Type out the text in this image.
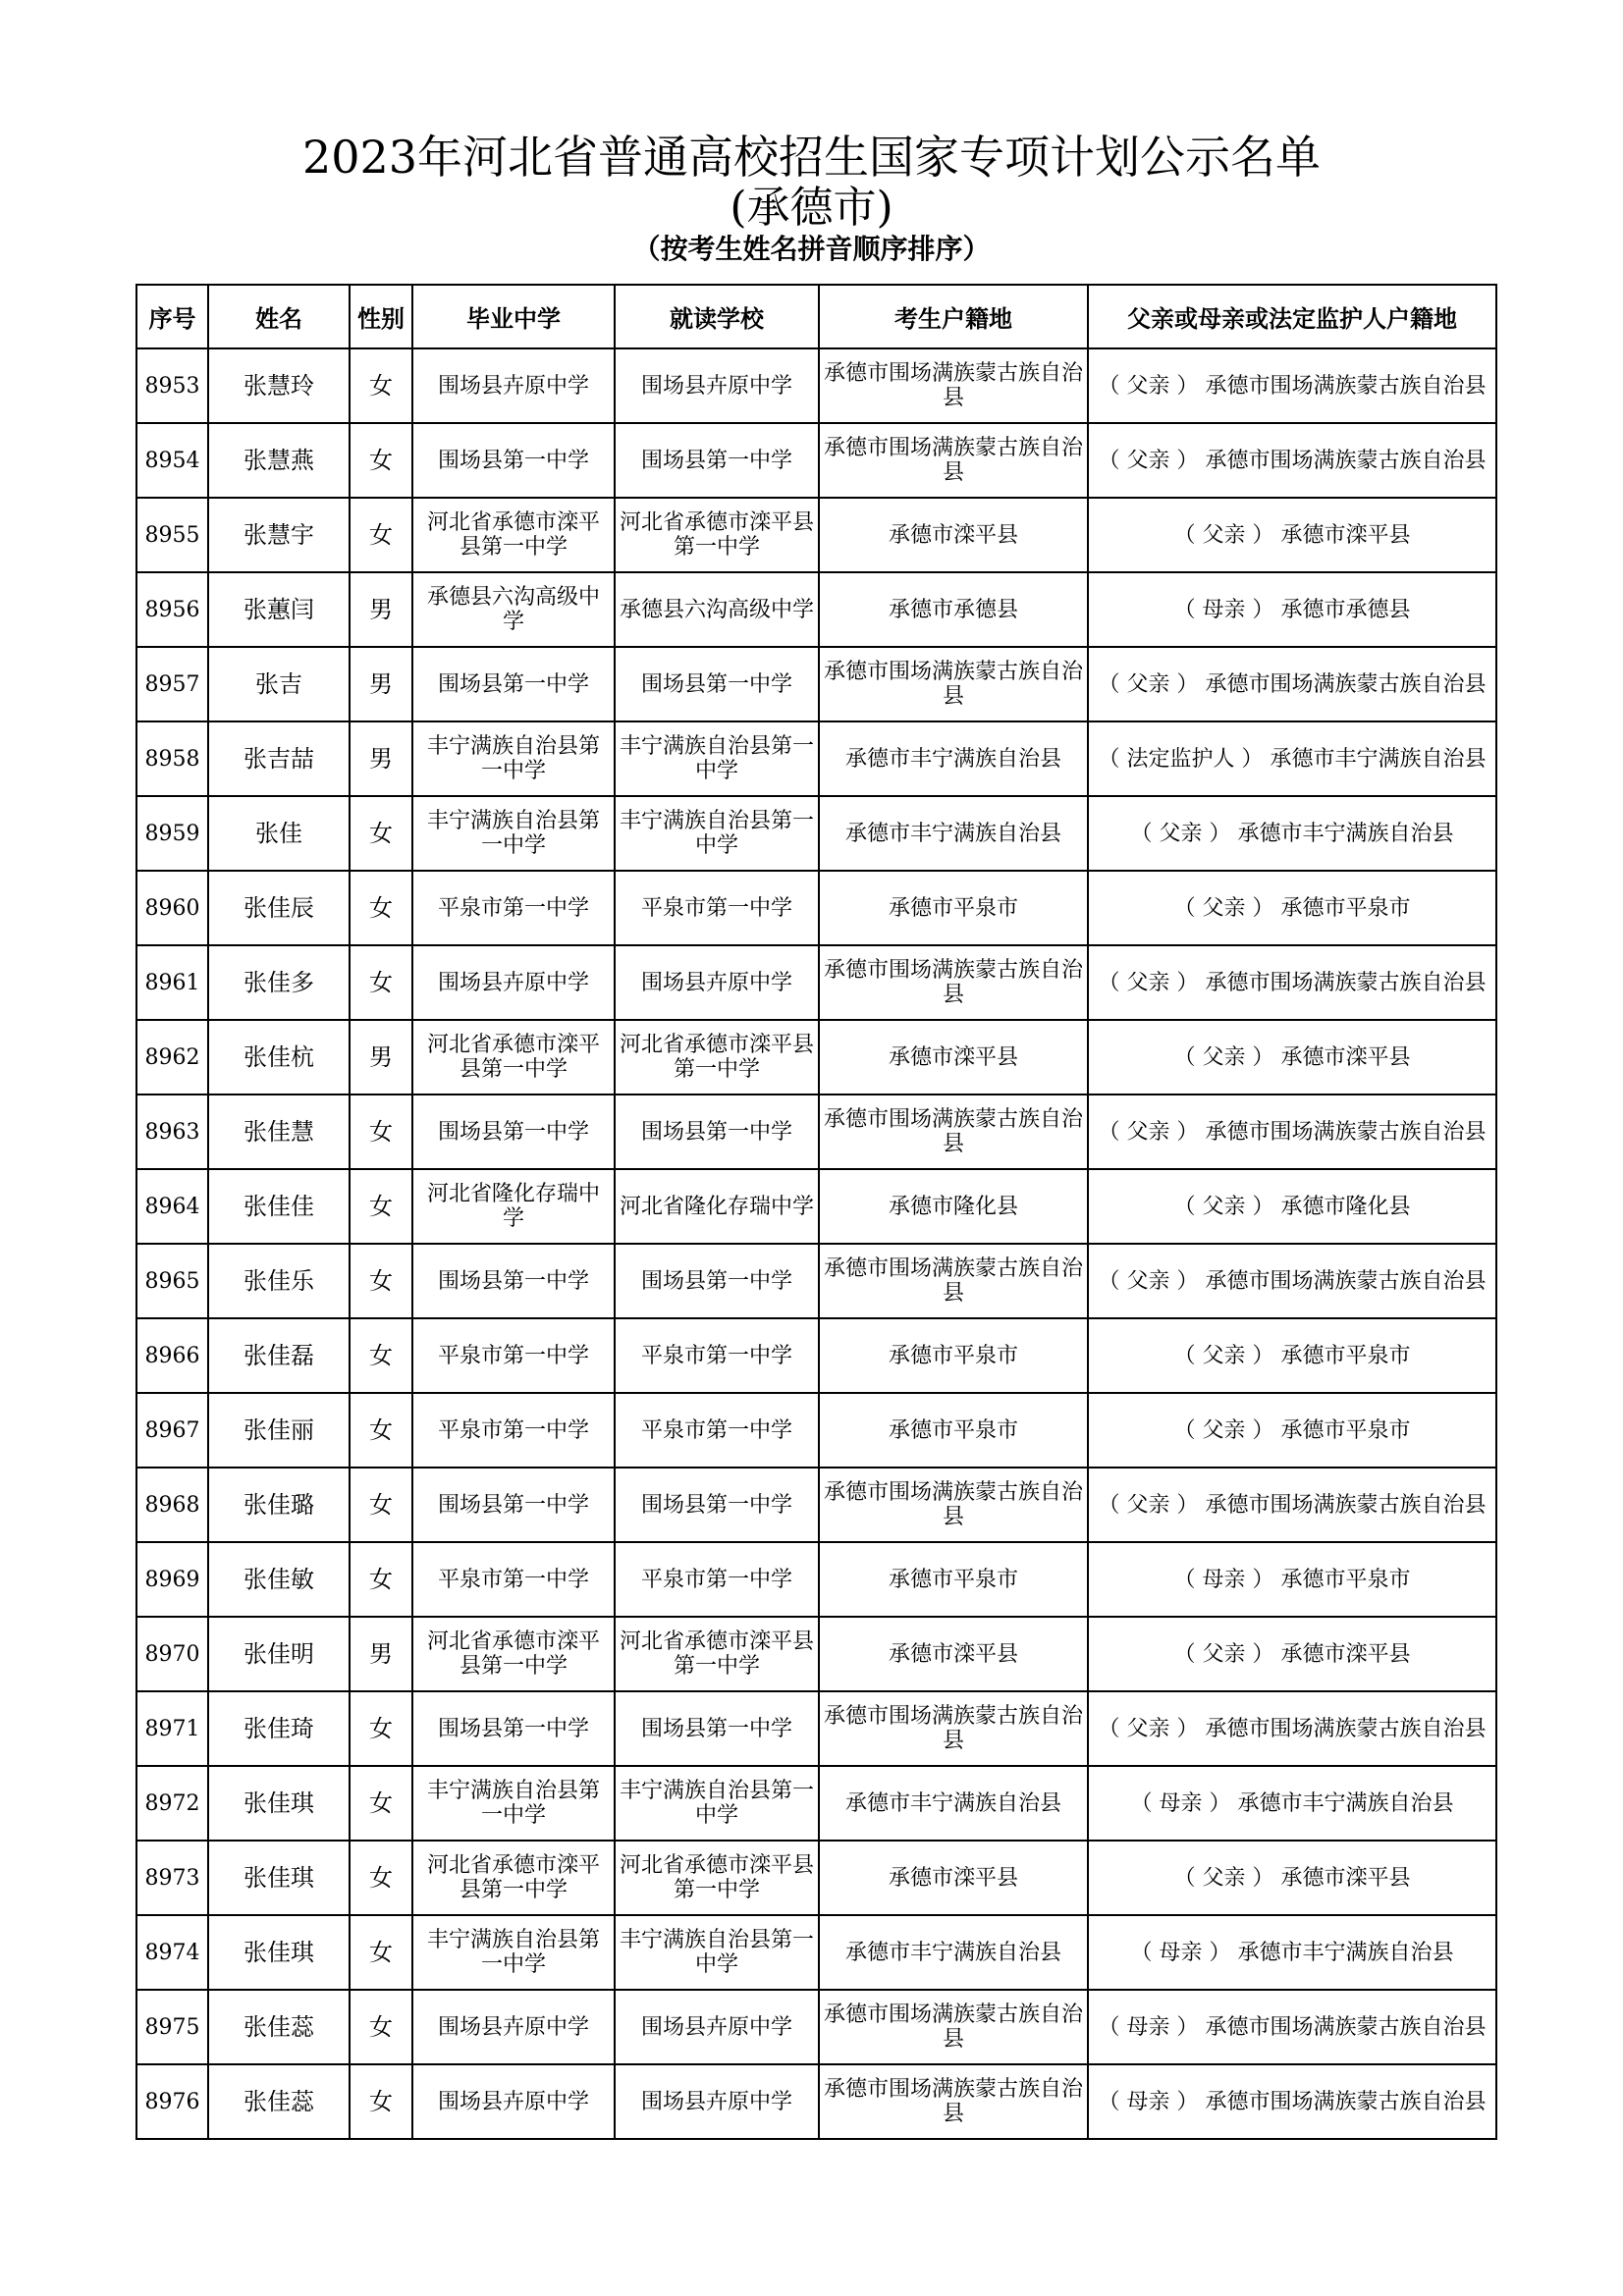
2023年河北省普通高校招生国家专项计划公示名单
(承德市)
（按考生姓名拼音顺序排序）
序号	姓名	性别	毕业中学	就读学校	考生户籍地	父亲或母亲或法定监护人户籍地
8953	张慧玲	女	围场县卉原中学	围场县卉原中学	承德市围场满族蒙古族自治县	（ 父亲 ） 承德市围场满族蒙古族自治县
8954	张慧燕	女	围场县第一中学	围场县第一中学	承德市围场满族蒙古族自治县	（ 父亲 ） 承德市围场满族蒙古族自治县
8955	张慧宇	女	河北省承德市滦平县第一中学	河北省承德市滦平县第一中学	承德市滦平县	（ 父亲 ） 承德市滦平县
8956	张蕙闫	男	承德县六沟高级中学	承德县六沟高级中学	承德市承德县	（ 母亲 ） 承德市承德县
8957	张吉	男	围场县第一中学	围场县第一中学	承德市围场满族蒙古族自治县	（ 父亲 ） 承德市围场满族蒙古族自治县
8958	张吉喆	男	丰宁满族自治县第一中学	丰宁满族自治县第一中学	承德市丰宁满族自治县	（ 法定监护人 ） 承德市丰宁满族自治县
8959	张佳	女	丰宁满族自治县第一中学	丰宁满族自治县第一中学	承德市丰宁满族自治县	（ 父亲 ） 承德市丰宁满族自治县
8960	张佳辰	女	平泉市第一中学	平泉市第一中学	承德市平泉市	（ 父亲 ） 承德市平泉市
8961	张佳多	女	围场县卉原中学	围场县卉原中学	承德市围场满族蒙古族自治县	（ 父亲 ） 承德市围场满族蒙古族自治县
8962	张佳杭	男	河北省承德市滦平县第一中学	河北省承德市滦平县第一中学	承德市滦平县	（ 父亲 ） 承德市滦平县
8963	张佳慧	女	围场县第一中学	围场县第一中学	承德市围场满族蒙古族自治县	（ 父亲 ） 承德市围场满族蒙古族自治县
8964	张佳佳	女	河北省隆化存瑞中学	河北省隆化存瑞中学	承德市隆化县	（ 父亲 ） 承德市隆化县
8965	张佳乐	女	围场县第一中学	围场县第一中学	承德市围场满族蒙古族自治县	（ 父亲 ） 承德市围场满族蒙古族自治县
8966	张佳磊	女	平泉市第一中学	平泉市第一中学	承德市平泉市	（ 父亲 ） 承德市平泉市
8967	张佳丽	女	平泉市第一中学	平泉市第一中学	承德市平泉市	（ 父亲 ） 承德市平泉市
8968	张佳璐	女	围场县第一中学	围场县第一中学	承德市围场满族蒙古族自治县	（ 父亲 ） 承德市围场满族蒙古族自治县
8969	张佳敏	女	平泉市第一中学	平泉市第一中学	承德市平泉市	（ 母亲 ） 承德市平泉市
8970	张佳明	男	河北省承德市滦平县第一中学	河北省承德市滦平县第一中学	承德市滦平县	（ 父亲 ） 承德市滦平县
8971	张佳琦	女	围场县第一中学	围场县第一中学	承德市围场满族蒙古族自治县	（ 父亲 ） 承德市围场满族蒙古族自治县
8972	张佳琪	女	丰宁满族自治县第一中学	丰宁满族自治县第一中学	承德市丰宁满族自治县	（ 母亲 ） 承德市丰宁满族自治县
8973	张佳琪	女	河北省承德市滦平县第一中学	河北省承德市滦平县第一中学	承德市滦平县	（ 父亲 ） 承德市滦平县
8974	张佳琪	女	丰宁满族自治县第一中学	丰宁满族自治县第一中学	承德市丰宁满族自治县	（ 母亲 ） 承德市丰宁满族自治县
8975	张佳蕊	女	围场县卉原中学	围场县卉原中学	承德市围场满族蒙古族自治县	（ 母亲 ） 承德市围场满族蒙古族自治县
8976	张佳蕊	女	围场县卉原中学	围场县卉原中学	承德市围场满族蒙古族自治县	（ 母亲 ） 承德市围场满族蒙古族自治县
